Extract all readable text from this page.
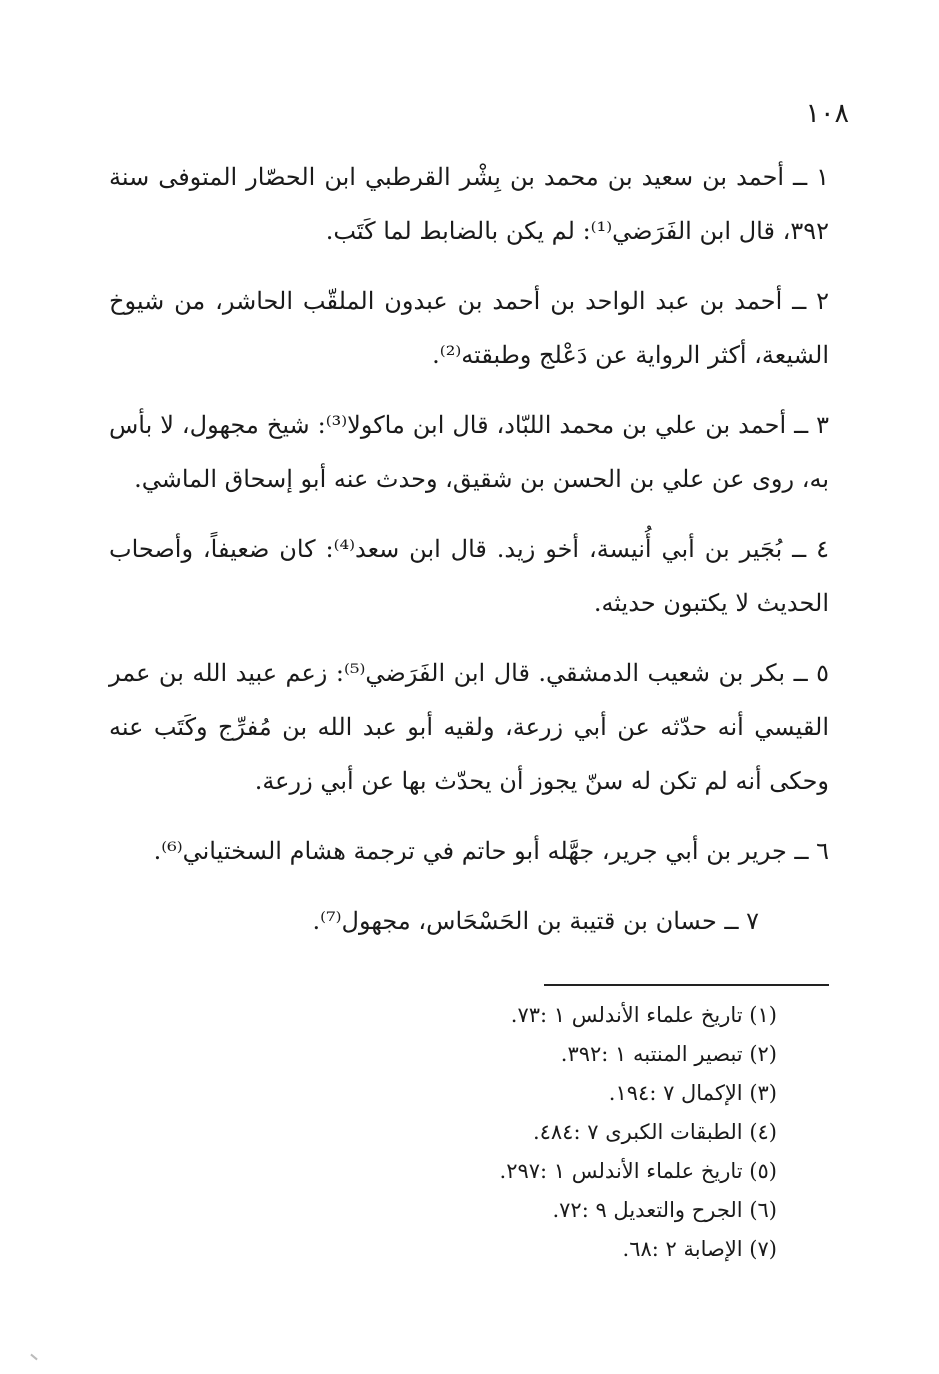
١٠٨

١ ــ أحمد بن سعيد بن محمد بن بِشْر القرطبي ابن الحصّار المتوفى سنة ٣٩٢، قال ابن الفَرَضي⁽¹⁾: لم يكن بالضابط لما كَتَب.

٢ ــ أحمد بن عبد الواحد بن أحمد بن عبدون الملقّب الحاشر، من شيوخ الشيعة، أكثر الرواية عن دَعْلج وطبقته⁽²⁾.

٣ ــ أحمد بن علي بن محمد اللبّاد، قال ابن ماكولا⁽³⁾: شيخ مجهول، لا بأس به، روى عن علي بن الحسن بن شقيق، وحدث عنه أبو إسحاق الماشي.

٤ ــ بُجَير بن أبي أُنيسة، أخو زيد. قال ابن سعد⁽⁴⁾: كان ضعيفاً، وأصحاب الحديث لا يكتبون حديثه.

٥ ــ بكر بن شعيب الدمشقي. قال ابن الفَرَضي⁽⁵⁾: زعم عبيد الله بن عمر القيسي أنه حدّثه عن أبي زرعة، ولقيه أبو عبد الله بن مُفرِّج وكَتَب عنه وحكى أنه لم تكن له سنّ يجوز أن يحدّث بها عن أبي زرعة.

٦ ــ جرير بن أبي جرير، جهَّله أبو حاتم في ترجمة هشام السختياني⁽⁶⁾.

٧ ــ حسان بن قتيبة بن الحَسْحَاس، مجهول⁽⁷⁾.

(١) تاريخ علماء الأندلس ١ :٧٣.

(٢) تبصير المنتبه ١ :٣٩٢.

(٣) الإكمال ٧ :١٩٤.

(٤) الطبقات الكبرى ٧ :٤٨٤.

(٥) تاريخ علماء الأندلس ١ :٢٩٧.

(٦) الجرح والتعديل ٩ :٧٢.

(٧) الإصابة ٢ :٦٨.
